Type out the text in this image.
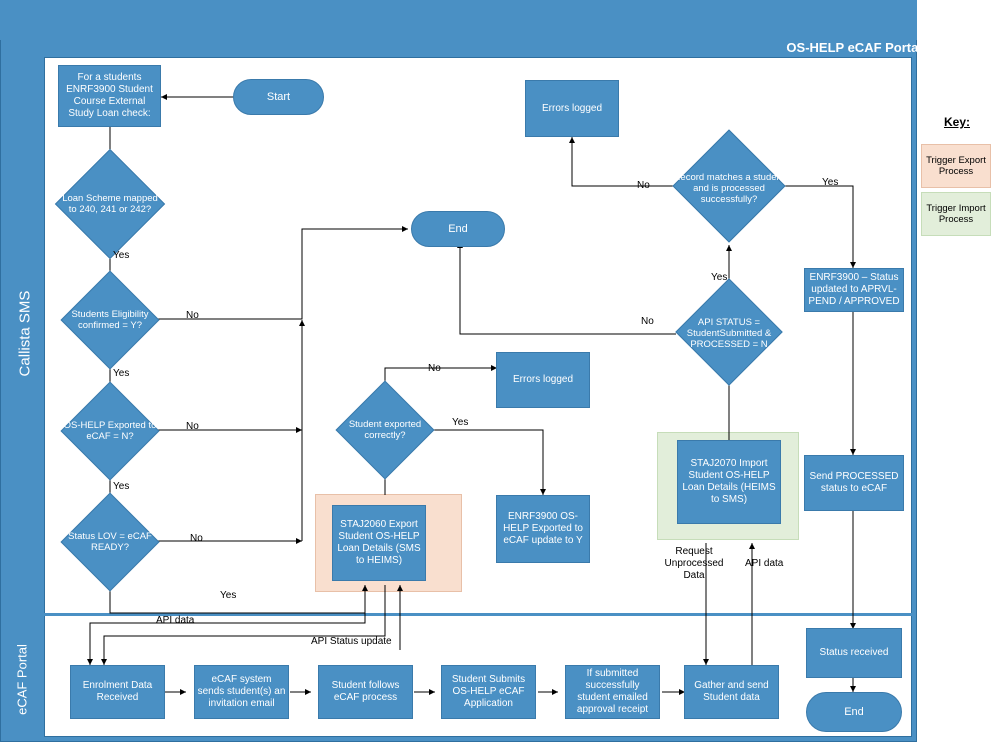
OS-HELP eCAF Portal Flowchart
Callista SMS
eCAF Portal
Start
For a students ENRF3900 Student Course External Study Loan check:
Loan Scheme mapped to 240, 241 or 242?
Students Eligibility confirmed = Y?
OS-HELP Exported to eCAF = N?
Status LOV = eCAF READY?
End
STAJ2060 Export Student OS-HELP Loan Details (SMS to HEIMS)
Student exported correctly?
Errors logged
ENRF3900 OS-HELP Exported to eCAF update to Y
Errors logged
Record matches a student and is processed successfully?
API STATUS = StudentSubmitted & PROCESSED = N
STAJ2070 Import Student OS-HELP Loan Details (HEIMS to SMS)
ENRF3900 – Status updated to APRVL-PEND / APPROVED
Send PROCESSED status to eCAF
Status received
End
Enrolment Data Received
eCAF system sends student(s) an invitation email
Student follows eCAF process
Student Submits OS-HELP eCAF Application
If submitted successfully student emailed approval receipt
Gather and send Student data
Key:
Trigger Export Process
Trigger Import Process
Yes
No
Yes
No
Yes
No
Yes
No
Yes
No	Yes
Yes
No
Request Unprocessed Data
API data
API data
API Status update
